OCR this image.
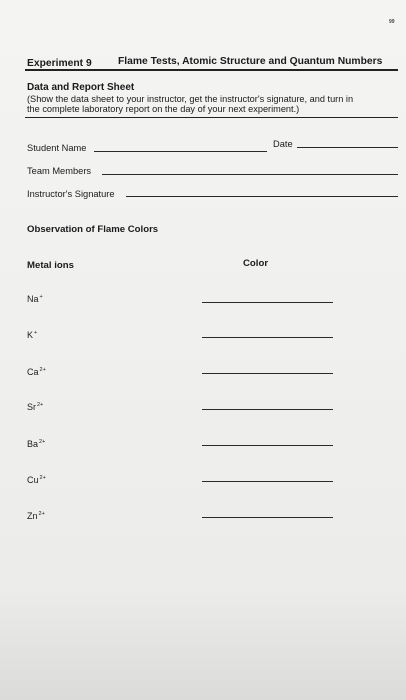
99
Experiment 9	Flame Tests, Atomic Structure and Quantum Numbers
Data and Report Sheet
(Show the data sheet to your instructor, get the instructor's signature, and turn in
the complete laboratory report on the day of your next experiment.)
Student Name	Date
Team Members
Instructor's Signature
Observation of Flame Colors
Metal ions	Color
Na+
K+
$Ca^{2+}$
$Sr^{2+}$
$Ba^{2+}$
$Cu^{2+}$
$Zn^{2+}$
